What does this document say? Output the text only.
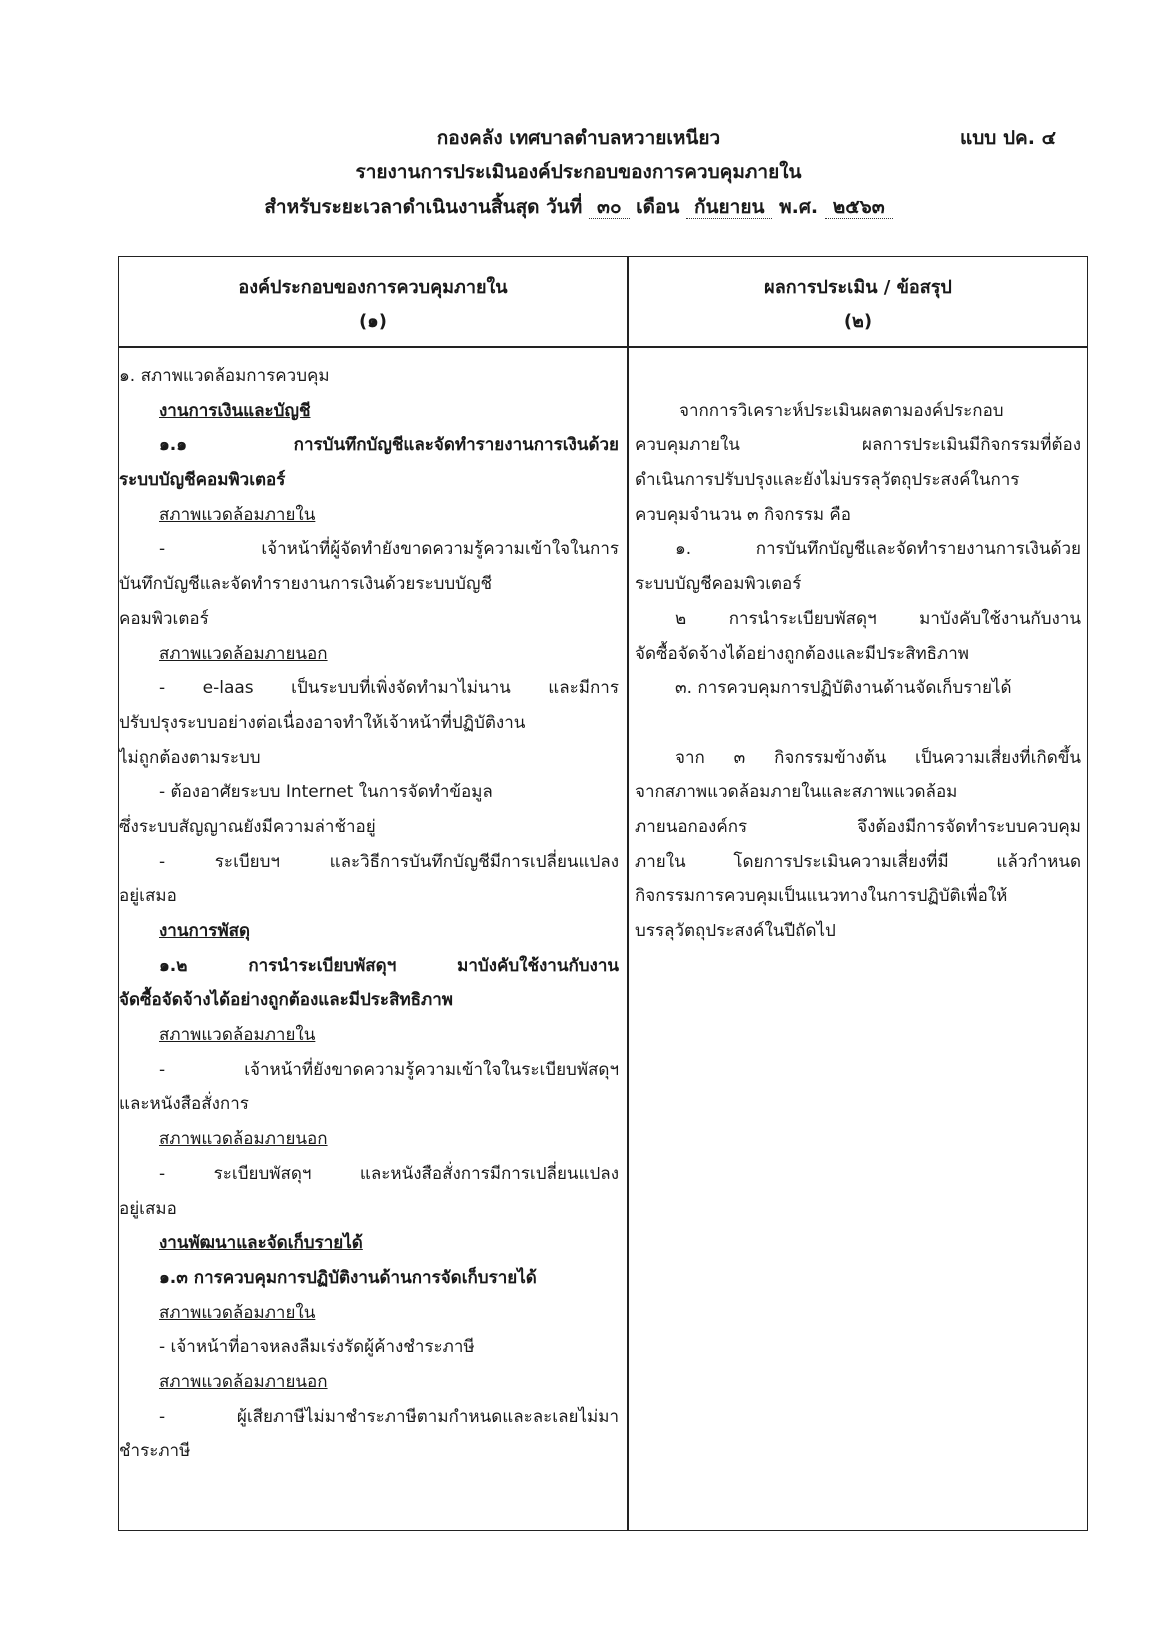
กองคลัง เทศบาลตำบลหวายเหนียว	แบบ ปค. ๔
รายงานการประเมินองค์ประกอบของการควบคุมภายใน
สำหรับระยะเวลาดำเนินงานสิ้นสุด วันที่ ๓๐ เดือน กันยายน พ.ศ. ๒๕๖๓
องค์ประกอบของการควบคุมภายใน
(๑)
ผลการประเมิน / ข้อสรุป
(๒)
๑. สภาพแวดล้อมการควบคุม
งานการเงินและบัญชี
๑.๑ การบันทึกบัญชีและจัดทำรายงานการเงินด้วย
ระบบบัญชีคอมพิวเตอร์
สภาพแวดล้อมภายใน
- เจ้าหน้าที่ผู้จัดทำยังขาดความรู้ความเข้าใจในการ
บันทึกบัญชีและจัดทำรายงานการเงินด้วยระบบบัญชี
คอมพิวเตอร์
สภาพแวดล้อมภายนอก
- e-laas เป็นระบบที่เพิ่งจัดทำมาไม่นาน และมีการ
ปรับปรุงระบบอย่างต่อเนื่องอาจทำให้เจ้าหน้าที่ปฏิบัติงาน
ไม่ถูกต้องตามระบบ
- ต้องอาศัยระบบ Internet ในการจัดทำข้อมูล
ซึ่งระบบสัญญาณยังมีความล่าช้าอยู่
- ระเบียบฯ และวิธีการบันทึกบัญชีมีการเปลี่ยนแปลง
อยู่เสมอ
งานการพัสดุ
๑.๒ การนำระเบียบพัสดุฯ มาบังคับใช้งานกับงาน
จัดซื้อจัดจ้างได้อย่างถูกต้องและมีประสิทธิภาพ
สภาพแวดล้อมภายใน
- เจ้าหน้าที่ยังขาดความรู้ความเข้าใจในระเบียบพัสดุฯ
และหนังสือสั่งการ
สภาพแวดล้อมภายนอก
- ระเบียบพัสดุฯ และหนังสือสั่งการมีการเปลี่ยนแปลง
อยู่เสมอ
งานพัฒนาและจัดเก็บรายได้
๑.๓ การควบคุมการปฏิบัติงานด้านการจัดเก็บรายได้
สภาพแวดล้อมภายใน
- เจ้าหน้าที่อาจหลงลืมเร่งรัดผู้ค้างชำระภาษี
สภาพแวดล้อมภายนอก
- ผู้เสียภาษีไม่มาชำระภาษีตามกำหนดและละเลยไม่มา
ชำระภาษี
จากการวิเคราะห์ประเมินผลตามองค์ประกอบ
ควบคุมภายใน ผลการประเมินมีกิจกรรมที่ต้อง
ดำเนินการปรับปรุงและยังไม่บรรลุวัตถุประสงค์ในการ
ควบคุมจำนวน ๓ กิจกรรม คือ
๑. การบันทึกบัญชีและจัดทำรายงานการเงินด้วย
ระบบบัญชีคอมพิวเตอร์
๒ การนำระเบียบพัสดุฯ มาบังคับใช้งานกับงาน
จัดซื้อจัดจ้างได้อย่างถูกต้องและมีประสิทธิภาพ
๓. การควบคุมการปฏิบัติงานด้านจัดเก็บรายได้
จาก ๓ กิจกรรมข้างต้น เป็นความเสี่ยงที่เกิดขึ้น
จากสภาพแวดล้อมภายในและสภาพแวดล้อม
ภายนอกองค์กร จึงต้องมีการจัดทำระบบควบคุม
ภายใน โดยการประเมินความเสี่ยงที่มี แล้วกำหนด
กิจกรรมการควบคุมเป็นแนวทางในการปฏิบัติเพื่อให้
บรรลุวัตถุประสงค์ในปีถัดไป
